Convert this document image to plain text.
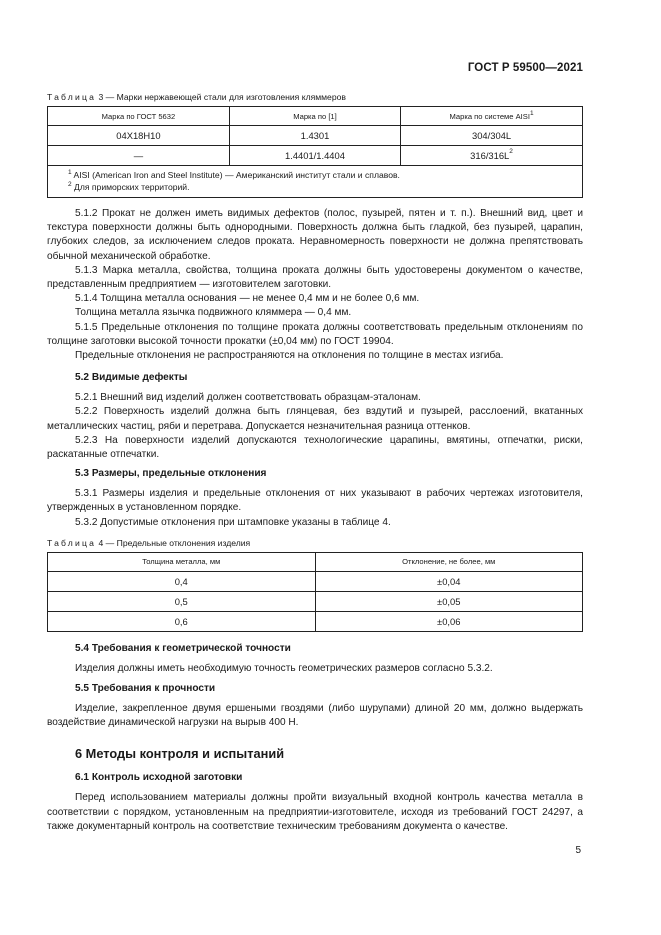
ГОСТ Р 59500—2021
Таблица 3 — Марки нержавеющей стали для изготовления кляммеров
Марка по ГОСТ 5632	Марка по [1]	Марка по системе AISI$^1$
04Х18Н10	1.4301	304/304L
—	1.4401/1.4404	$316/316L^2$

$^1$ AISI (American Iron and Steel Institute) — Американский институт стали и сплавов.
$^2$ Для приморских территорий.		

5.1.2 Прокат не должен иметь видимых дефектов (полос, пузырей, пятен и т. п.). Внешний вид, цвет и текстура поверхности должны быть однородными. Поверхность должна быть гладкой, без пузырей, царапин, глубоких следов, за исключением следов проката. Неравномерность поверхности не должна препятствовать обычной механической обработке.

5.1.3 Марка металла, свойства, толщина проката должны быть удостоверены документом о качестве, представленным предприятием — изготовителем заготовки.

5.1.4 Толщина металла основания — не менее 0,4 мм и не более 0,6 мм.

Толщина металла язычка подвижного кляммера — 0,4 мм.

5.1.5 Предельные отклонения по толщине проката должны соответствовать предельным отклонениям по толщине заготовки высокой точности прокатки (±0,04 мм) по ГОСТ 19904.

Предельные отклонения не распространяются на отклонения по толщине в местах изгиба.

5.2 Видимые дефекты

5.2.1 Внешний вид изделий должен соответствовать образцам-эталонам.

5.2.2 Поверхность изделий должна быть глянцевая, без вздутий и пузырей, расслоений, вкатанных металлических частиц, ряби и перетрава. Допускается незначительная разница оттенков.

5.2.3 На поверхности изделий допускаются технологические царапины, вмятины, отпечатки, риски, раскатанные отпечатки.

5.3 Размеры, предельные отклонения

5.3.1 Размеры изделия и предельные отклонения от них указывают в рабочих чертежах изготовителя, утвержденных в установленном порядке.

5.3.2 Допустимые отклонения при штамповке указаны в таблице 4.

Таблица 4 — Предельные отклонения изделия
Толщина металла, мм	Отклонение, не более, мм
0,4	±0,04
0,5	±0,05
0,6	±0,06
5.4 Требования к геометрической точности

Изделия должны иметь необходимую точность геометрических размеров согласно 5.3.2.

5.5 Требования к прочности

Изделие, закрепленное двумя ершеными гвоздями (либо шурупами) длиной 20 мм, должно выдержать воздействие динамической нагрузки на вырыв 400 Н.

6 Методы контроля и испытаний
6.1 Контроль исходной заготовки

Перед использованием материалы должны пройти визуальный входной контроль качества металла в соответствии с порядком, установленным на предприятии-изготовителе, исходя из требований ГОСТ 24297, а также документарный контроль на соответствие техническим требованиям документа о качестве.

5
